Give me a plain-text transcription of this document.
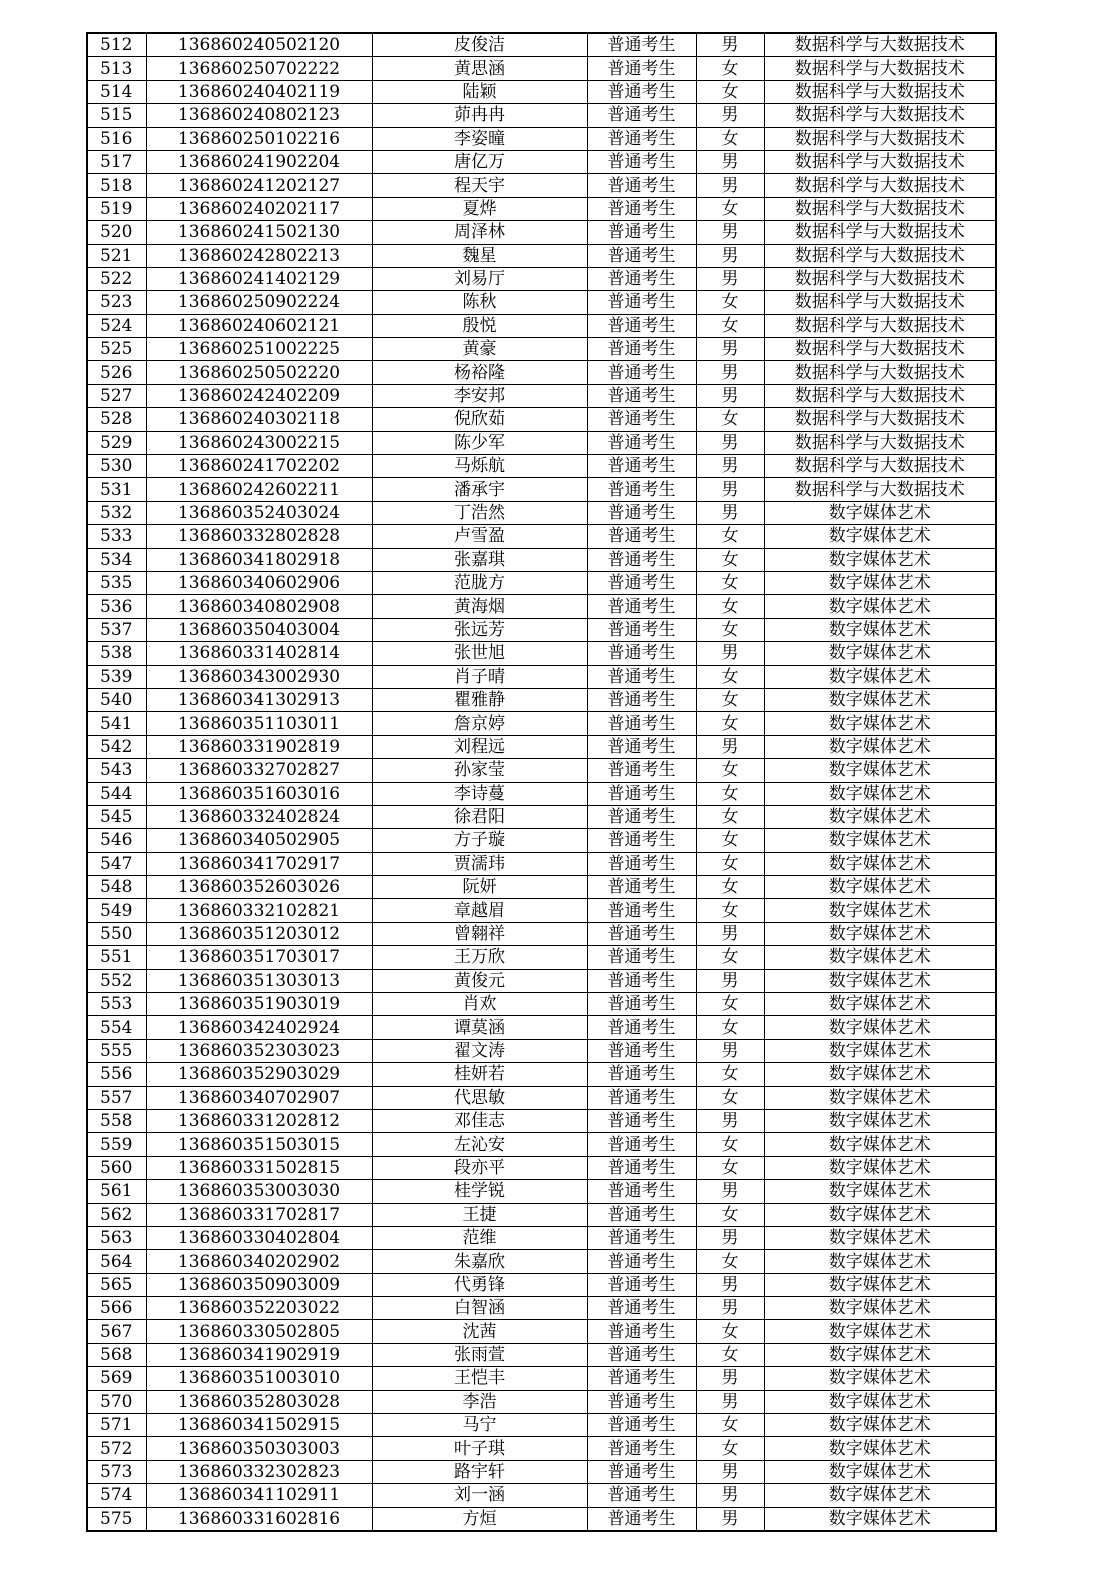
512	136860240502120	皮俊洁	普通考生	男	数据科学与大数据技术
513	136860250702222	黄思涵	普通考生	女	数据科学与大数据技术
514	136860240402119	陆颖	普通考生	女	数据科学与大数据技术
515	136860240802123	茆冉冉	普通考生	男	数据科学与大数据技术
516	136860250102216	李姿曈	普通考生	女	数据科学与大数据技术
517	136860241902204	唐亿万	普通考生	男	数据科学与大数据技术
518	136860241202127	程天宇	普通考生	男	数据科学与大数据技术
519	136860240202117	夏烨	普通考生	女	数据科学与大数据技术
520	136860241502130	周泽林	普通考生	男	数据科学与大数据技术
521	136860242802213	魏星	普通考生	男	数据科学与大数据技术
522	136860241402129	刘易厅	普通考生	男	数据科学与大数据技术
523	136860250902224	陈秋	普通考生	女	数据科学与大数据技术
524	136860240602121	殷悦	普通考生	女	数据科学与大数据技术
525	136860251002225	黄豪	普通考生	男	数据科学与大数据技术
526	136860250502220	杨裕隆	普通考生	男	数据科学与大数据技术
527	136860242402209	李安邦	普通考生	男	数据科学与大数据技术
528	136860240302118	倪欣茹	普通考生	女	数据科学与大数据技术
529	136860243002215	陈少军	普通考生	男	数据科学与大数据技术
530	136860241702202	马烁航	普通考生	男	数据科学与大数据技术
531	136860242602211	潘承宇	普通考生	男	数据科学与大数据技术
532	136860352403024	丁浩然	普通考生	男	数字媒体艺术
533	136860332802828	卢雪盈	普通考生	女	数字媒体艺术
534	136860341802918	张嘉琪	普通考生	女	数字媒体艺术
535	136860340602906	范胧方	普通考生	女	数字媒体艺术
536	136860340802908	黄海烟	普通考生	女	数字媒体艺术
537	136860350403004	张远芳	普通考生	女	数字媒体艺术
538	136860331402814	张世旭	普通考生	男	数字媒体艺术
539	136860343002930	肖子晴	普通考生	女	数字媒体艺术
540	136860341302913	瞿雅静	普通考生	女	数字媒体艺术
541	136860351103011	詹京婷	普通考生	女	数字媒体艺术
542	136860331902819	刘程远	普通考生	男	数字媒体艺术
543	136860332702827	孙家莹	普通考生	女	数字媒体艺术
544	136860351603016	李诗蔓	普通考生	女	数字媒体艺术
545	136860332402824	徐君阳	普通考生	女	数字媒体艺术
546	136860340502905	方子璇	普通考生	女	数字媒体艺术
547	136860341702917	贾濡玮	普通考生	女	数字媒体艺术
548	136860352603026	阮妍	普通考生	女	数字媒体艺术
549	136860332102821	章越眉	普通考生	女	数字媒体艺术
550	136860351203012	曾翱祥	普通考生	男	数字媒体艺术
551	136860351703017	王万欣	普通考生	女	数字媒体艺术
552	136860351303013	黄俊元	普通考生	男	数字媒体艺术
553	136860351903019	肖欢	普通考生	女	数字媒体艺术
554	136860342402924	谭莫涵	普通考生	女	数字媒体艺术
555	136860352303023	翟文涛	普通考生	男	数字媒体艺术
556	136860352903029	桂妍若	普通考生	女	数字媒体艺术
557	136860340702907	代思敏	普通考生	女	数字媒体艺术
558	136860331202812	邓佳志	普通考生	男	数字媒体艺术
559	136860351503015	左沁安	普通考生	女	数字媒体艺术
560	136860331502815	段亦平	普通考生	女	数字媒体艺术
561	136860353003030	桂学锐	普通考生	男	数字媒体艺术
562	136860331702817	王捷	普通考生	女	数字媒体艺术
563	136860330402804	范维	普通考生	男	数字媒体艺术
564	136860340202902	朱嘉欣	普通考生	女	数字媒体艺术
565	136860350903009	代勇锋	普通考生	男	数字媒体艺术
566	136860352203022	白智涵	普通考生	男	数字媒体艺术
567	136860330502805	沈茜	普通考生	女	数字媒体艺术
568	136860341902919	张雨萱	普通考生	女	数字媒体艺术
569	136860351003010	王恺丰	普通考生	男	数字媒体艺术
570	136860352803028	李浩	普通考生	男	数字媒体艺术
571	136860341502915	马宁	普通考生	女	数字媒体艺术
572	136860350303003	叶子琪	普通考生	女	数字媒体艺术
573	136860332302823	路宇轩	普通考生	男	数字媒体艺术
574	136860341102911	刘一涵	普通考生	男	数字媒体艺术
575	136860331602816	方烜	普通考生	男	数字媒体艺术
